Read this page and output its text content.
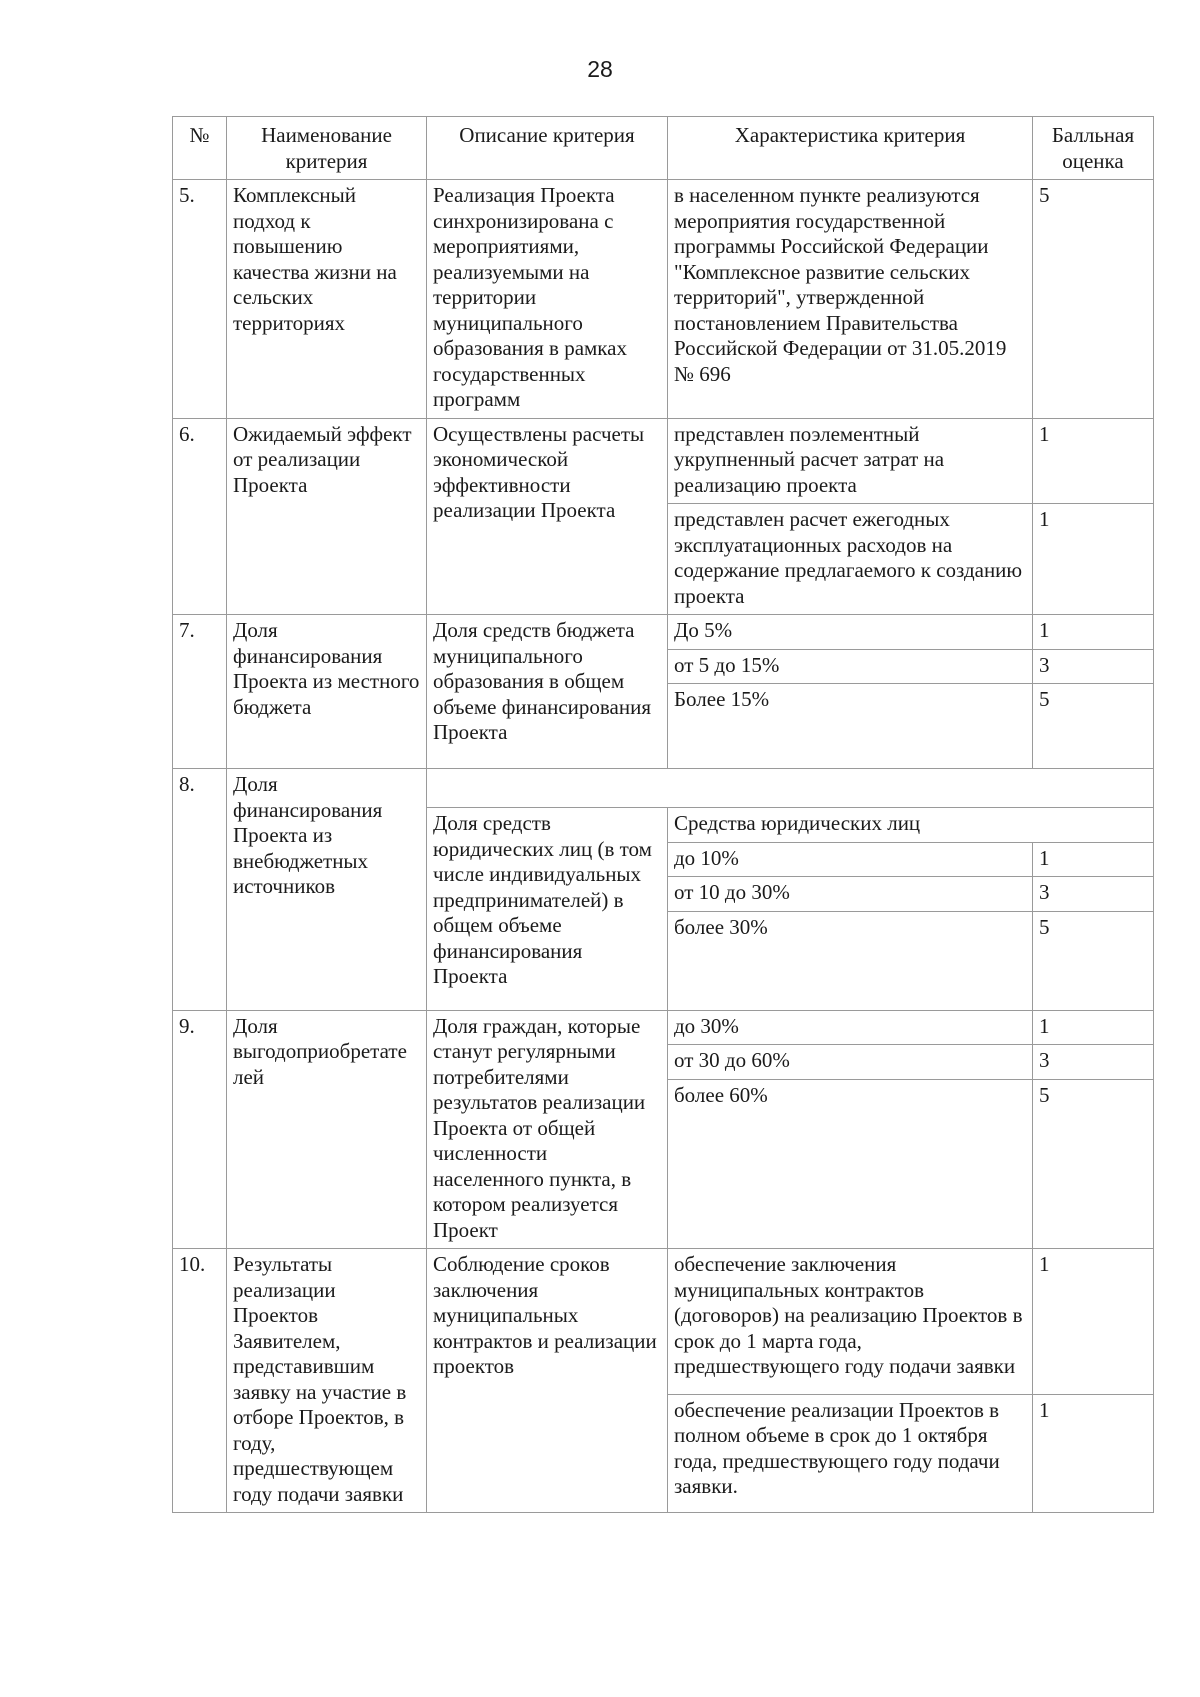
28
№	Наименование критерия	Описание критерия	Характеристика критерия	Балльная оценка
5.	Комплексный подход к повышению качества жизни на сельских территориях	Реализация Проекта синхронизирована с мероприятиями, реализуемыми на территории муниципального образования в рамках государственных программ	в населенном пункте реализуются мероприятия государственной программы Российской Федерации "Комплексное развитие сельских территорий", утвержденной постановлением Правительства Российской Федерации от 31.05.2019 № 696	5
6.	Ожидаемый эффект от реализации Проекта	Осуществлены расчеты экономической эффективности реализации Проекта	представлен поэлементный укрупненный расчет затрат на реализацию проекта	1
			представлен расчет ежегодных эксплуатационных расходов на содержание предлагаемого к созданию проекта	1
7.	Доля финансирования Проекта из местного бюджета	Доля средств бюджета муниципального образования в общем объеме финансирования Проекта	До 5%	1
			от 5 до 15%	3
			Более 15%	5
8.	Доля финансирования Проекта из внебюджетных источников			
		Доля средств юридических лиц (в том числе индивидуальных предпринимателей) в общем объеме финансирования Проекта	Средства юридических лиц	
			до 10%	1
			от 10 до 30%	3
			более 30%	5
9.	Доля выгодоприобретате лей	Доля граждан, которые станут регулярными потребителями результатов реализации Проекта от общей численности населенного пункта, в котором реализуется Проект	до 30%	1
			от 30 до 60%	3
			более 60%	5
10.	Результаты реализации Проектов Заявителем, представившим заявку на участие в отборе Проектов, в году, предшествующем году подачи заявки	Соблюдение сроков заключения муниципальных контрактов и реализации проектов	обеспечение заключения муниципальных контрактов (договоров) на реализацию Проектов в срок до 1 марта года, предшествующего году подачи заявки	1
			обеспечение реализации Проектов в полном объеме в срок до 1 октября года, предшествующего году подачи заявки.	1
